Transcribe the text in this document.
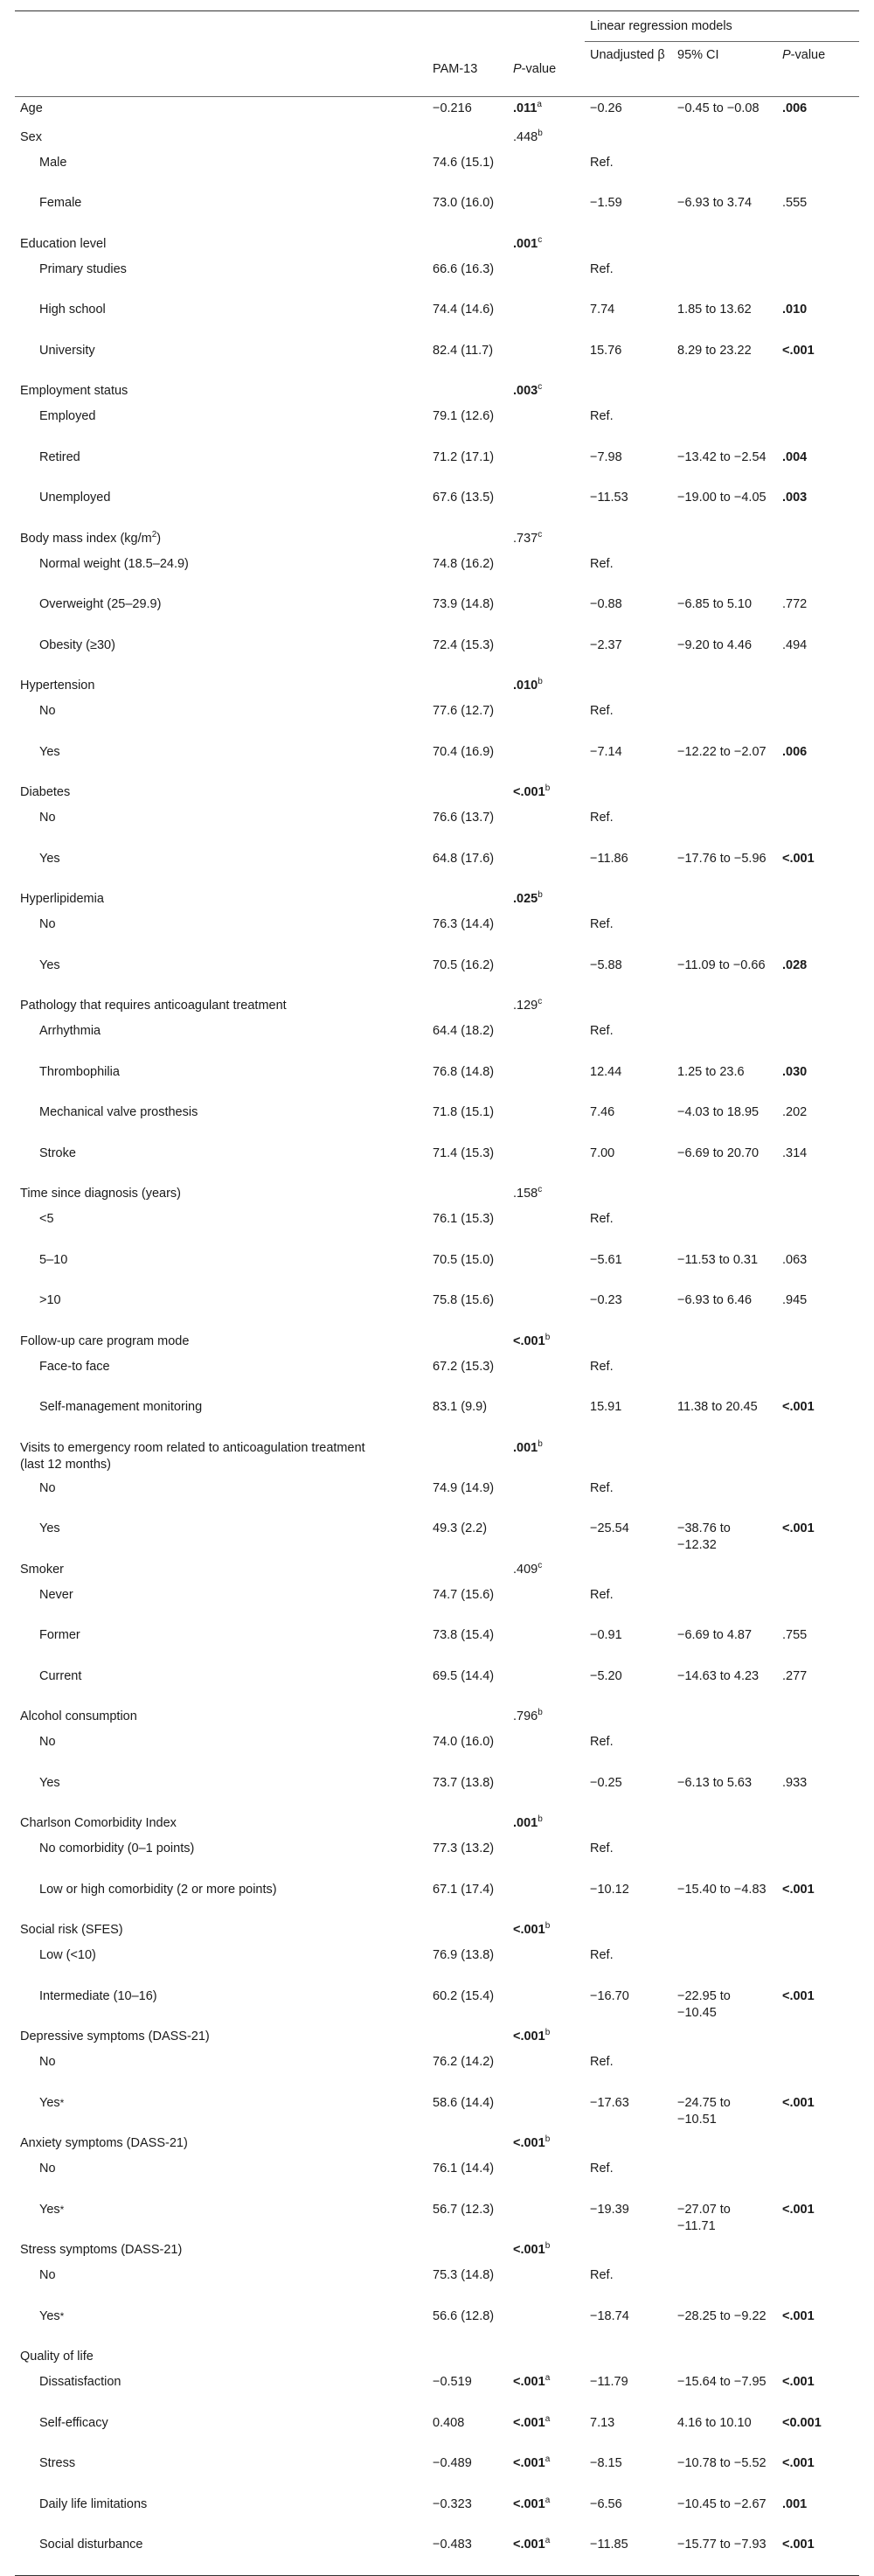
			Linear regression models		
	PAM-13	P-value	Unadjusted β	95% CI	P-value
Age	−0.216	.011$^a$	−0.26	−0.45 to −0.08	.006
Sex		.448$^b$			
Male	74.6 (15.1)		Ref.		
Female	73.0 (16.0)		−1.59	−6.93 to 3.74	.555
Education level		.001$^c$			
Primary studies	66.6 (16.3)		Ref.		
High school	74.4 (14.6)		7.74	1.85 to 13.62	.010
University	82.4 (11.7)		15.76	8.29 to 23.22	<.001
Employment status		.003$^c$			
Employed	79.1 (12.6)		Ref.		
Retired	71.2 (17.1)		−7.98	−13.42 to −2.54	.004
Unemployed	67.6 (13.5)		−11.53	−19.00 to −4.05	.003
Body mass index $(kg/m^2)$		.737$^c$			
Normal weight (18.5–24.9)	74.8 (16.2)		Ref.		
Overweight (25–29.9)	73.9 (14.8)		−0.88	−6.85 to 5.10	.772
Obesity (≥30)	72.4 (15.3)		−2.37	−9.20 to 4.46	.494
Hypertension		.010$^b$			
No	77.6 (12.7)		Ref.		
Yes	70.4 (16.9)		−7.14	−12.22 to −2.07	.006
Diabetes		<.001$^b$			
No	76.6 (13.7)		Ref.		
Yes	64.8 (17.6)		−11.86	−17.76 to −5.96	<.001
Hyperlipidemia		.025$^b$			
No	76.3 (14.4)		Ref.		
Yes	70.5 (16.2)		−5.88	−11.09 to −0.66	.028
Pathology that requires anticoagulant treatment		.129$^c$			
Arrhythmia	64.4 (18.2)		Ref.		
Thrombophilia	76.8 (14.8)		12.44	1.25 to 23.6	.030
Mechanical valve prosthesis	71.8 (15.1)		7.46	−4.03 to 18.95	.202
Stroke	71.4 (15.3)		7.00	−6.69 to 20.70	.314
Time since diagnosis (years)		.158$^c$			
<5	76.1 (15.3)		Ref.		
5–10	70.5 (15.0)		−5.61	−11.53 to 0.31	.063
>10	75.8 (15.6)		−0.23	−6.93 to 6.46	.945
Follow-up care program mode		<.001$^b$			
Face-to face	67.2 (15.3)		Ref.		
Self-management monitoring	83.1 (9.9)		15.91	11.38 to 20.45	<.001
Visits to emergency room related to anticoagulation treatment (last 12 months)		.001$^b$			
No	74.9 (14.9)		Ref.		
Yes	49.3 (2.2)		−25.54	−38.76 to −12.32	<.001
Smoker		.409$^c$			
Never	74.7 (15.6)		Ref.		
Former	73.8 (15.4)		−0.91	−6.69 to 4.87	.755
Current	69.5 (14.4)		−5.20	−14.63 to 4.23	.277
Alcohol consumption		.796$^b$			
No	74.0 (16.0)		Ref.		
Yes	73.7 (13.8)		−0.25	−6.13 to 5.63	.933
Charlson Comorbidity Index		.001$^b$			
No comorbidity (0–1 points)	77.3 (13.2)		Ref.		
Low or high comorbidity (2 or more points)	67.1 (17.4)		−10.12	−15.40 to −4.83	<.001
Social risk (SFES)		<.001$^b$			
Low (<10)	76.9 (13.8)		Ref.		
Intermediate (10–16)	60.2 (15.4)		−16.70	−22.95 to −10.45	<.001
Depressive symptoms (DASS-21)		<.001$^b$			
No	76.2 (14.2)		Ref.		
Yes*	58.6 (14.4)		−17.63	−24.75 to −10.51	<.001
Anxiety symptoms (DASS-21)		<.001$^b$			
No	76.1 (14.4)		Ref.		
Yes*	56.7 (12.3)		−19.39	−27.07 to −11.71	<.001
Stress symptoms (DASS-21)		<.001$^b$			
No	75.3 (14.8)		Ref.		
Yes*	56.6 (12.8)		−18.74	−28.25 to −9.22	<.001
Quality of life					
Dissatisfaction	−0.519	<.001$^a$	−11.79	−15.64 to −7.95	<.001
Self-efficacy	0.408	<.001$^a$	7.13	4.16 to 10.10	<0.001
Stress	−0.489	<.001$^a$	−8.15	−10.78 to −5.52	<.001
Daily life limitations	−0.323	<.001$^a$	−6.56	−10.45 to −2.67	.001
Social disturbance	−0.483	<.001$^a$	−11.85	−15.77 to −7.93	<.001
